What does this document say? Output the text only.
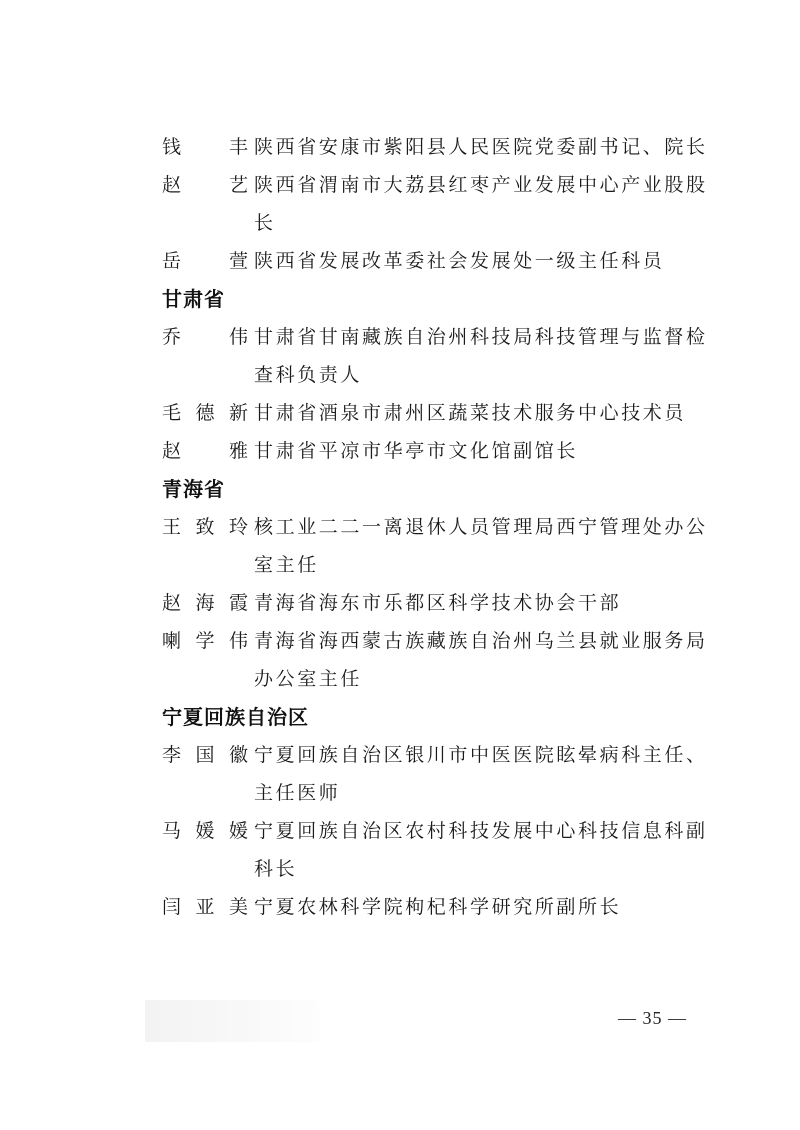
钱　丰 陕西省安康市紫阳县人民医院党委副书记、院长
赵　艺 陕西省渭南市大荔县红枣产业发展中心产业股股长
岳　萱 陕西省发展改革委社会发展处一级主任科员
甘肃省
乔　伟 甘肃省甘南藏族自治州科技局科技管理与监督检查科负责人
毛德新 甘肃省酒泉市肃州区蔬菜技术服务中心技术员
赵　雅 甘肃省平凉市华亭市文化馆副馆长
青海省
王致玲 核工业二二一离退休人员管理局西宁管理处办公室主任
赵海霞 青海省海东市乐都区科学技术协会干部
喇学伟 青海省海西蒙古族藏族自治州乌兰县就业服务局办公室主任
宁夏回族自治区
李国徽 宁夏回族自治区银川市中医医院眩晕病科主任、主任医师
马媛媛 宁夏回族自治区农村科技发展中心科技信息科副科长
闫亚美 宁夏农林科学院枸杞科学研究所副所长
— 35 —
